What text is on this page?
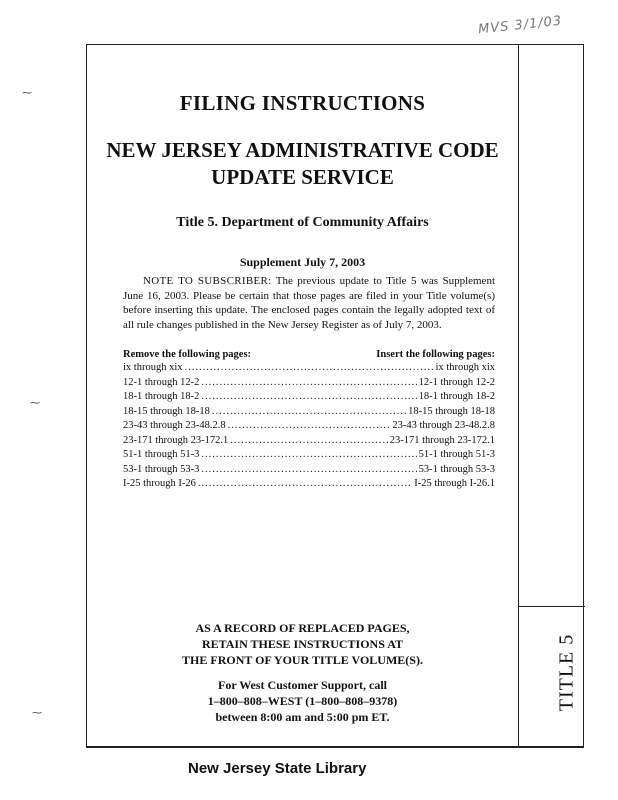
MVS 3/1/03
⁓
⁓
⁓
TITLE 5
FILING INSTRUCTIONS
NEW JERSEY ADMINISTRATIVE CODE
UPDATE SERVICE
Title 5. Department of Community Affairs
Supplement July 7, 2003
NOTE TO SUBSCRIBER: The previous update to Title 5 was Supplement June 16, 2003. Please be certain that those pages are filed in your Title volume(s) before inserting this update. The enclosed pages contain the legally adopted text of all rule changes published in the New Jersey Register as of July 7, 2003.
Remove the following pages:	Insert the following pages:
ix through xix .....	ix through xix
12-1 through 12-2 .....	12-1 through 12-2
18-1 through 18-2 .....	18-1 through 18-2
18-15 through 18-18 .....	18-15 through 18-18
23-43 through 23-48.2.8 .....	23-43 through 23-48.2.8
23-171 through 23-172.1 .....	23-171 through 23-172.1
51-1 through 51-3 .....	51-1 through 51-3
53-1 through 53-3 .....	53-1 through 53-3
I-25 through I-26 .....	I-25 through I-26.1
AS A RECORD OF REPLACED PAGES,
RETAIN THESE INSTRUCTIONS AT
THE FRONT OF YOUR TITLE VOLUME(S).
For West Customer Support, call
1–800–808–WEST (1–800–808–9378)
between 8:00 am and 5:00 pm ET.
New Jersey State Library
